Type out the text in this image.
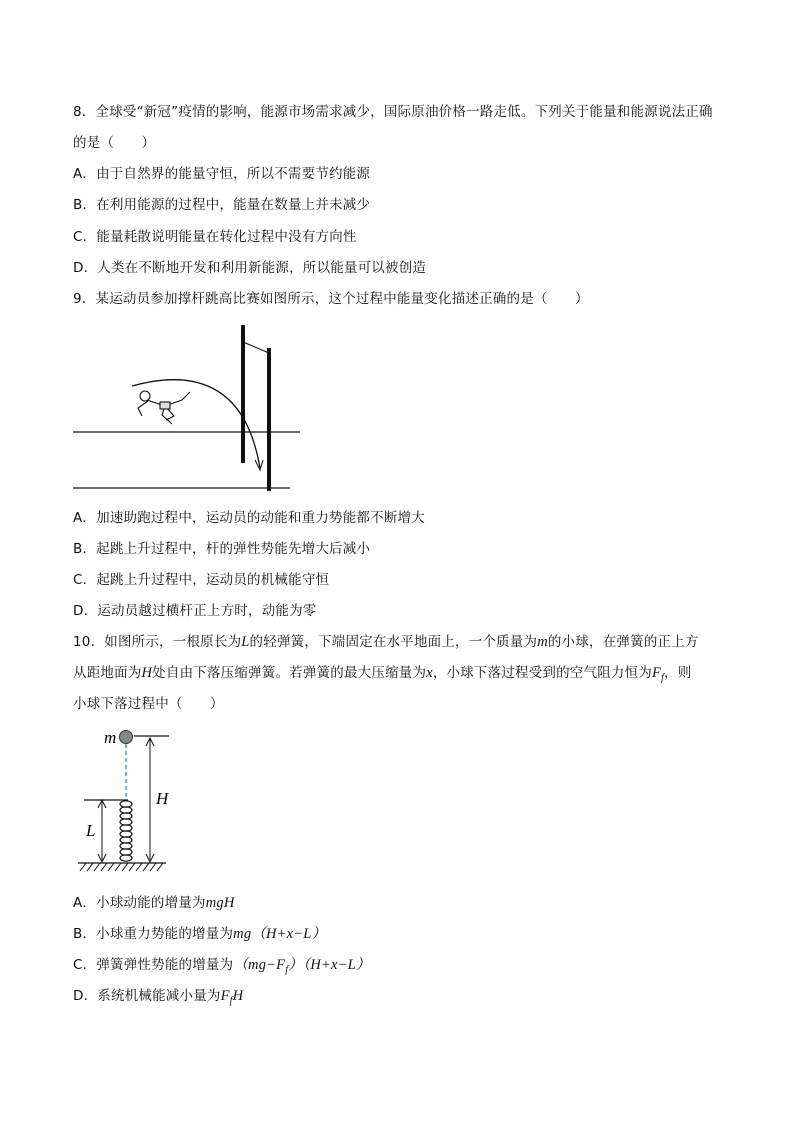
8．全球受“新冠”疫情的影响，能源市场需求减少，国际原油价格一路走低。下列关于能量和能源说法正确
的是（　　）
A．由于自然界的能量守恒，所以不需要节约能源
B．在利用能源的过程中，能量在数量上并未减少
C．能量耗散说明能量在转化过程中没有方向性
D．人类在不断地开发和利用新能源，所以能量可以被创造
9．某运动员参加撑杆跳高比赛如图所示，这个过程中能量变化描述正确的是（　　）
A．加速助跑过程中，运动员的动能和重力势能都不断增大
B．起跳上升过程中，杆的弹性势能先增大后减小
C．起跳上升过程中，运动员的机械能守恒
D．运动员越过横杆正上方时，动能为零
10．如图所示，一根原长为L的轻弹簧，下端固定在水平地面上，一个质量为m的小球，在弹簧的正上方
从距地面为H处自由下落压缩弹簧。若弹簧的最大压缩量为x，小球下落过程受到的空气阻力恒为$F_f$，则
小球下落过程中（　　）
m
L
H
A．小球动能的增量为mgH
B．小球重力势能的增量为mg（H+x−L）
C．弹簧弹性势能的增量为$(mg-F_f)(H+x-L)$
D．系统机械能减小量为$F_fH$
